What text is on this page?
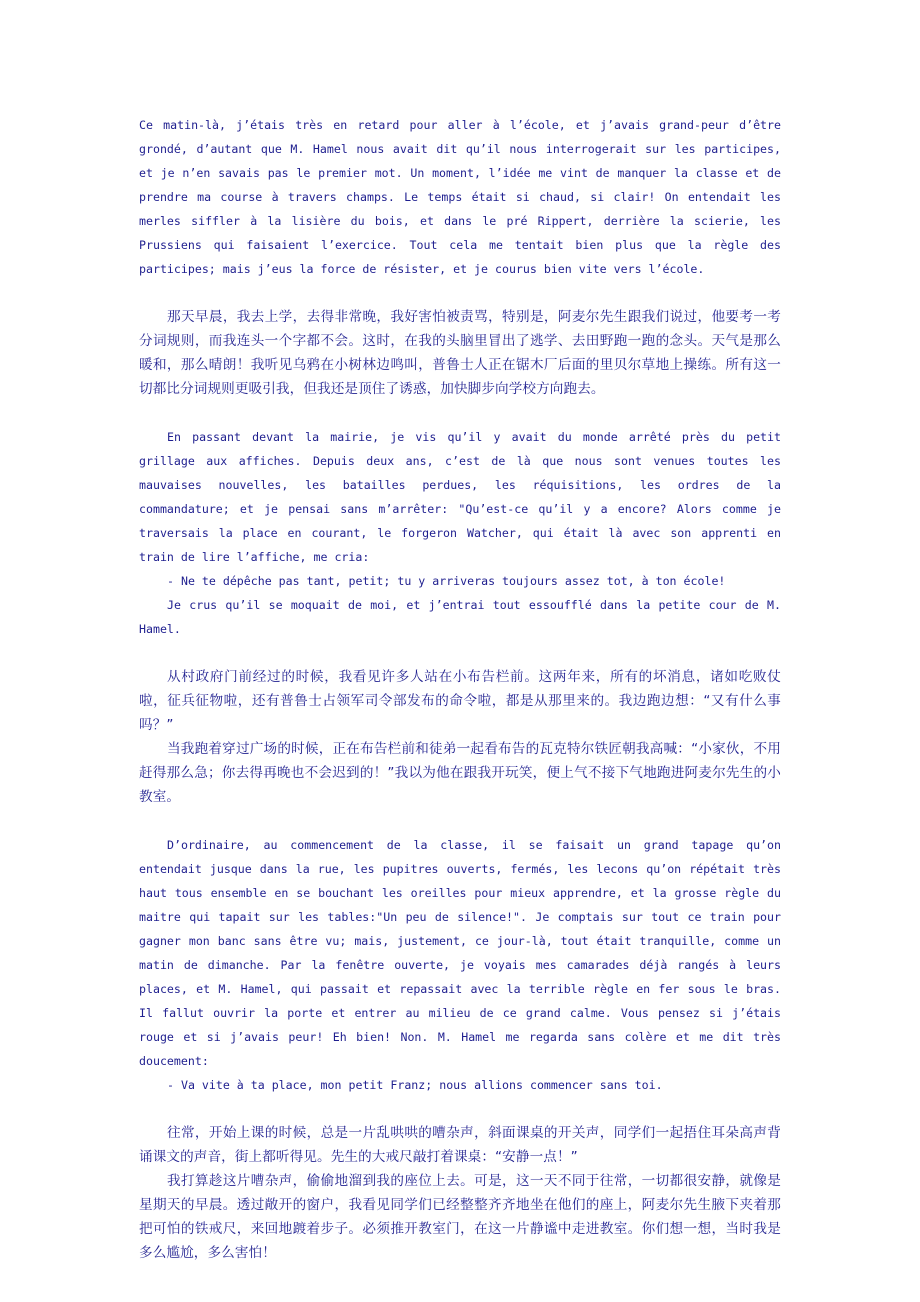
Ce matin-là, j’étais très en retard pour aller à l’école, et j’avais grand-peur d’être grondé, d’autant que M. Hamel nous avait dit qu’il nous interrogerait sur les participes, et je n’en savais pas le premier mot. Un moment, l’idée me vint de manquer la classe et de prendre ma course à travers champs. Le temps était si chaud, si clair! On entendait les merles siffler à la lisière du bois, et dans le pré Rippert, derrière la scierie, les Prussiens qui faisaient l’exercice. Tout cela me tentait bien plus que la règle des participes; mais j’eus la force de résister, et je courus bien vite vers l’école.

那天早晨，我去上学，去得非常晚，我好害怕被责骂，特别是，阿麦尔先生跟我们说过，他要考一考分词规则，而我连头一个字都不会。这时，在我的头脑里冒出了逃学、去田野跑一跑的念头。天气是那么暖和，那么晴朗！我听见乌鸦在小树林边鸣叫，普鲁士人正在锯木厂后面的里贝尔草地上操练。所有这一切都比分词规则更吸引我，但我还是顶住了诱惑，加快脚步向学校方向跑去。

En passant devant la mairie, je vis qu’il y avait du monde arrêté près du petit grillage aux affiches. Depuis deux ans, c’est de là que nous sont venues toutes les mauvaises nouvelles, les batailles perdues, les réquisitions, les ordres de la commandature; et je pensai sans m’arrêter: "Qu’est-ce qu’il y a encore? Alors comme je traversais la place en courant, le forgeron Watcher, qui était là avec son apprenti en train de lire l’affiche, me cria:

- Ne te dépêche pas tant, petit; tu y arriveras toujours assez tot, à ton école!

Je crus qu’il se moquait de moi, et j’entrai tout essoufflé dans la petite cour de M. Hamel.

从村政府门前经过的时候，我看见许多人站在小布告栏前。这两年来，所有的坏消息，诸如吃败仗啦，征兵征物啦，还有普鲁士占领军司令部发布的命令啦，都是从那里来的。我边跑边想：“又有什么事吗？”

当我跑着穿过广场的时候，正在布告栏前和徒弟一起看布告的瓦克特尔铁匠朝我高喊：“小家伙，不用赶得那么急；你去得再晚也不会迟到的！”我以为他在跟我开玩笑，便上气不接下气地跑进阿麦尔先生的小教室。

D’ordinaire, au commencement de la classe, il se faisait un grand tapage qu’on entendait jusque dans la rue, les pupitres ouverts, fermés, les lecons qu’on répétait très haut tous ensemble en se bouchant les oreilles pour mieux apprendre, et la grosse règle du maitre qui tapait sur les tables:"Un peu de silence!". Je comptais sur tout ce train pour gagner mon banc sans être vu; mais, justement, ce jour-là, tout était tranquille, comme un matin de dimanche. Par la fenêtre ouverte, je voyais mes camarades déjà rangés à leurs places, et M. Hamel, qui passait et repassait avec la terrible règle en fer sous le bras. Il fallut ouvrir la porte et entrer au milieu de ce grand calme. Vous pensez si j’étais rouge et si j’avais peur! Eh bien! Non. M. Hamel me regarda sans colère et me dit très doucement:

- Va vite à ta place, mon petit Franz; nous allions commencer sans toi.

往常，开始上课的时候，总是一片乱哄哄的嘈杂声，斜面课桌的开关声，同学们一起捂住耳朵高声背诵课文的声音，街上都听得见。先生的大戒尺敲打着课桌：“安静一点！”

我打算趁这片嘈杂声，偷偷地溜到我的座位上去。可是，这一天不同于往常，一切都很安静，就像是星期天的早晨。透过敞开的窗户，我看见同学们已经整整齐齐地坐在他们的座上，阿麦尔先生腋下夹着那把可怕的铁戒尺，来回地踱着步子。必须推开教室门，在这一片静谧中走进教室。你们想一想，当时我是多么尴尬，多么害怕！
